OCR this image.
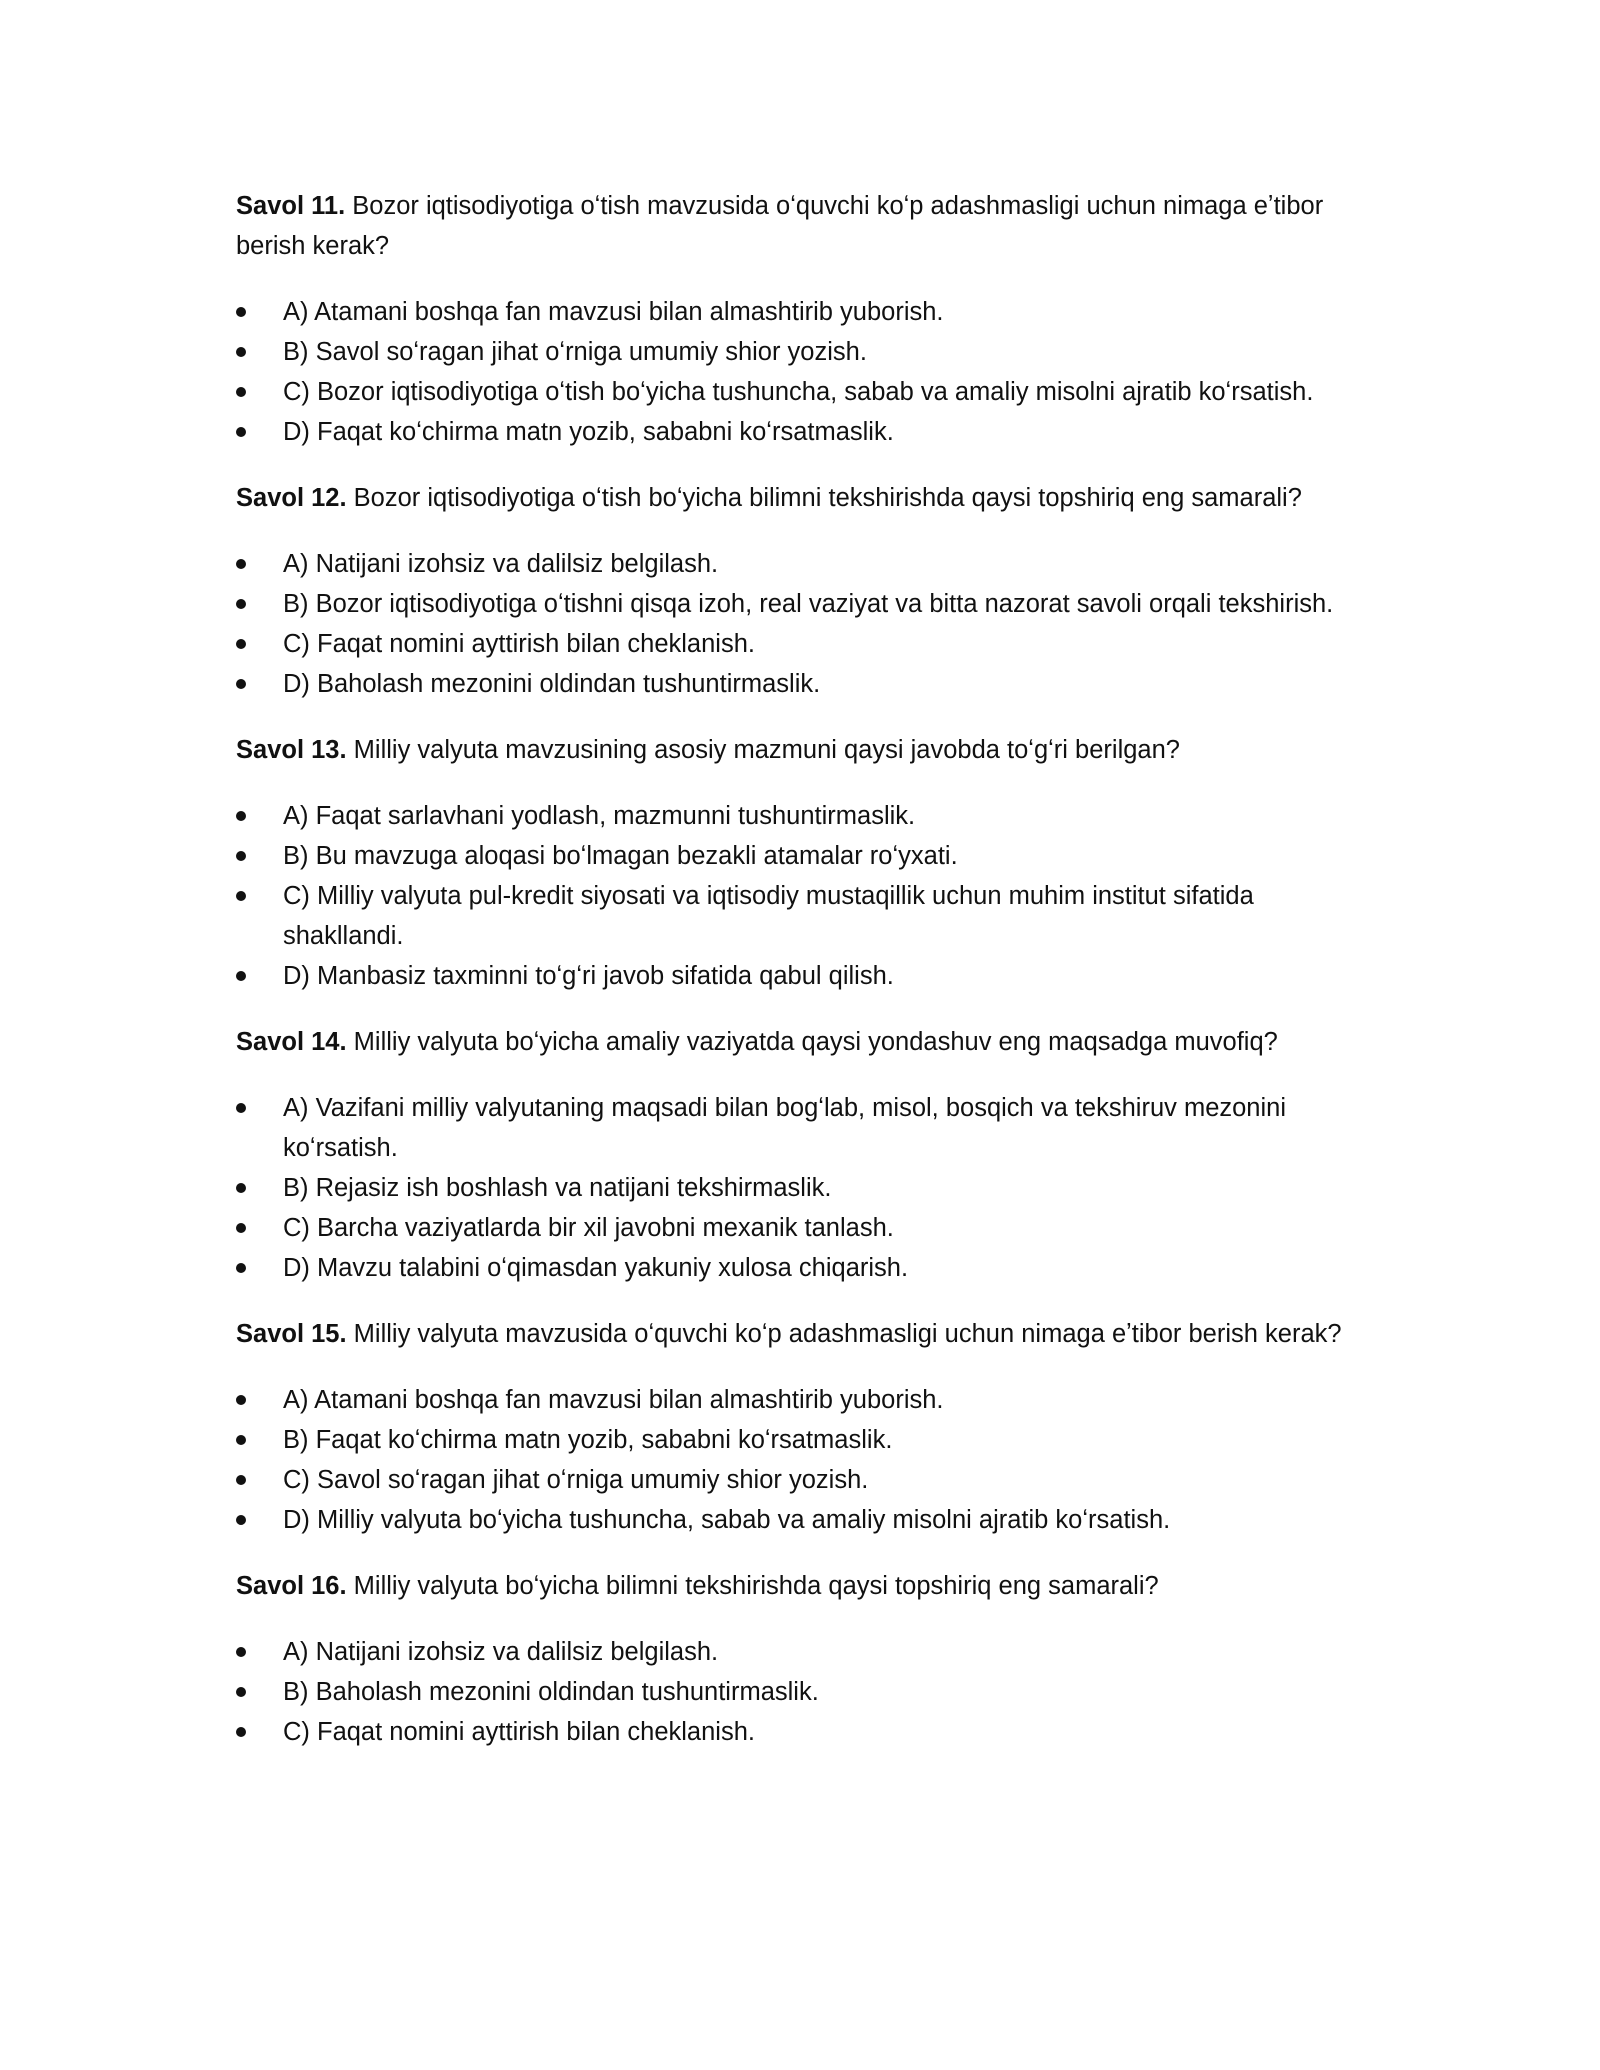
Savol 11. Bozor iqtisodiyotiga oʻtish mavzusida oʻquvchi koʻp adashmasligi uchun nimaga eʼtibor berish kerak?

A) Atamani boshqa fan mavzusi bilan almashtirib yuborish.
B) Savol soʻragan jihat oʻrniga umumiy shior yozish.
C) Bozor iqtisodiyotiga oʻtish boʻyicha tushuncha, sabab va amaliy misolni ajratib koʻrsatish.
D) Faqat koʻchirma matn yozib, sababni koʻrsatmaslik.

Savol 12. Bozor iqtisodiyotiga oʻtish boʻyicha bilimni tekshirishda qaysi topshiriq eng samarali?

A) Natijani izohsiz va dalilsiz belgilash.
B) Bozor iqtisodiyotiga oʻtishni qisqa izoh, real vaziyat va bitta nazorat savoli orqali tekshirish.
C) Faqat nomini ayttirish bilan cheklanish.
D) Baholash mezonini oldindan tushuntirmaslik.

Savol 13. Milliy valyuta mavzusining asosiy mazmuni qaysi javobda toʻgʻri berilgan?

A) Faqat sarlavhani yodlash, mazmunni tushuntirmaslik.
B) Bu mavzuga aloqasi boʻlmagan bezakli atamalar roʻyxati.
C) Milliy valyuta pul-kredit siyosati va iqtisodiy mustaqillik uchun muhim institut sifatida shakllandi.
D) Manbasiz taxminni toʻgʻri javob sifatida qabul qilish.

Savol 14. Milliy valyuta boʻyicha amaliy vaziyatda qaysi yondashuv eng maqsadga muvofiq?

A) Vazifani milliy valyutaning maqsadi bilan bogʻlab, misol, bosqich va tekshiruv mezonini koʻrsatish.
B) Rejasiz ish boshlash va natijani tekshirmaslik.
C) Barcha vaziyatlarda bir xil javobni mexanik tanlash.
D) Mavzu talabini oʻqimasdan yakuniy xulosa chiqarish.

Savol 15. Milliy valyuta mavzusida oʻquvchi koʻp adashmasligi uchun nimaga eʼtibor berish kerak?

A) Atamani boshqa fan mavzusi bilan almashtirib yuborish.
B) Faqat koʻchirma matn yozib, sababni koʻrsatmaslik.
C) Savol soʻragan jihat oʻrniga umumiy shior yozish.
D) Milliy valyuta boʻyicha tushuncha, sabab va amaliy misolni ajratib koʻrsatish.

Savol 16. Milliy valyuta boʻyicha bilimni tekshirishda qaysi topshiriq eng samarali?

A) Natijani izohsiz va dalilsiz belgilash.
B) Baholash mezonini oldindan tushuntirmaslik.
C) Faqat nomini ayttirish bilan cheklanish.
